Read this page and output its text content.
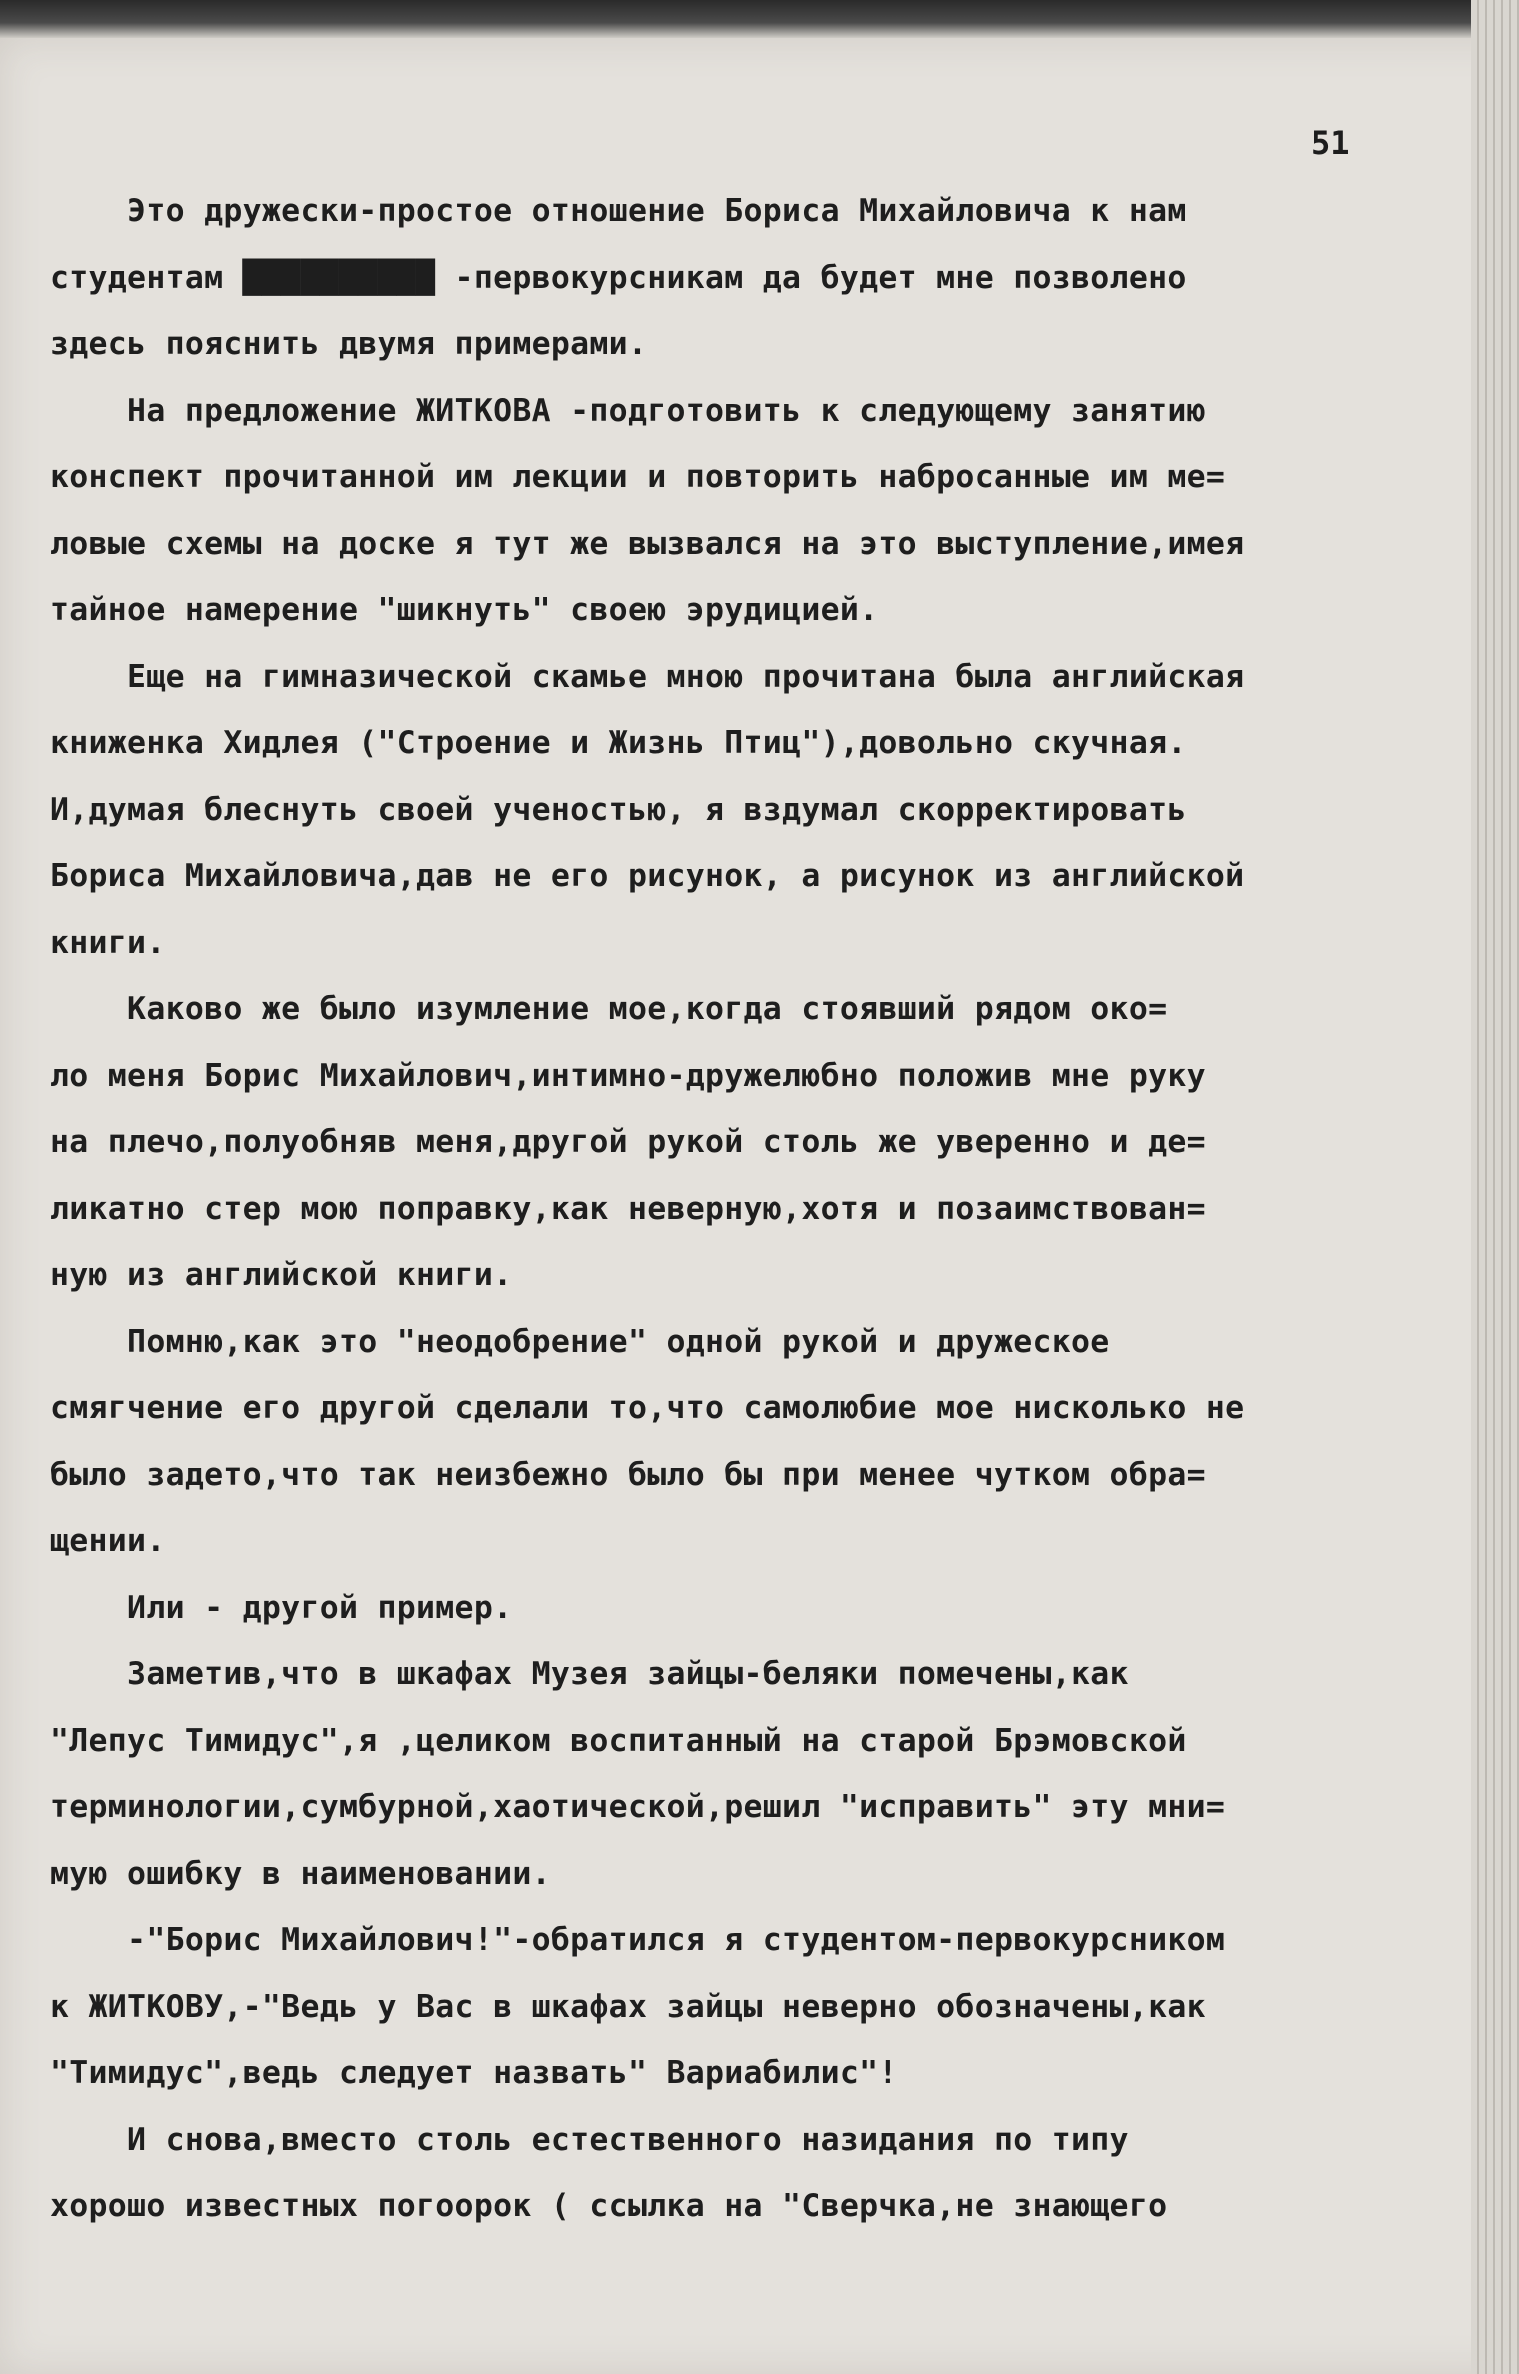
51
Это дружески-простое отношение Бориса Михайловича к нам
студентам ██████████ -первокурсникам да будет мне позволено
здесь пояснить двумя примерами.
На предложение ЖИТКОВА -подготовить к следующему занятию
конспект прочитанной им лекции и повторить набросанные им ме=
ловые схемы на доске я тут же вызвался на это выступление,имея
тайное намерение "шикнуть" своею эрудицией.
Еще на гимназической скамье мною прочитана была английская
книженка Хидлея ("Строение и Жизнь Птиц"),довольно скучная.
И,думая блеснуть своей ученостью, я вздумал скорректировать
Бориса Михайловича,дав не его рисунок, а рисунок из английской
книги.
Каково же было изумление мое,когда стоявший рядом око=
ло меня Борис Михайлович,интимно-дружелюбно положив мне руку
на плечо,полуобняв меня,другой рукой столь же уверенно и де=
ликатно стер мою поправку,как неверную,хотя и позаимствован=
ную из английской книги.
Помню,как это "неодобрение" одной рукой и дружеское
смягчение его другой сделали то,что самолюбие мое нисколько не
было задето,что так неизбежно было бы при менее чутком обра=
щении.
Или - другой пример.
Заметив,что в шкафах Музея зайцы-беляки помечены,как
"Лепус Тимидус",я ,целиком воспитанный на старой Брэмовской
терминологии,сумбурной,хаотической,решил "исправить" эту мни=
мую ошибку в наименовании.
-"Борис Михайлович!"-обратился я студентом-первокурсником
к ЖИТКОВУ,-"Ведь у Вас в шкафах зайцы неверно обозначены,как
"Тимидус",ведь следует назвать" Вариабилис"!
И снова,вместо столь естественного назидания по типу
хорошо известных погоорок ( ссылка на "Сверчка,не знающего
